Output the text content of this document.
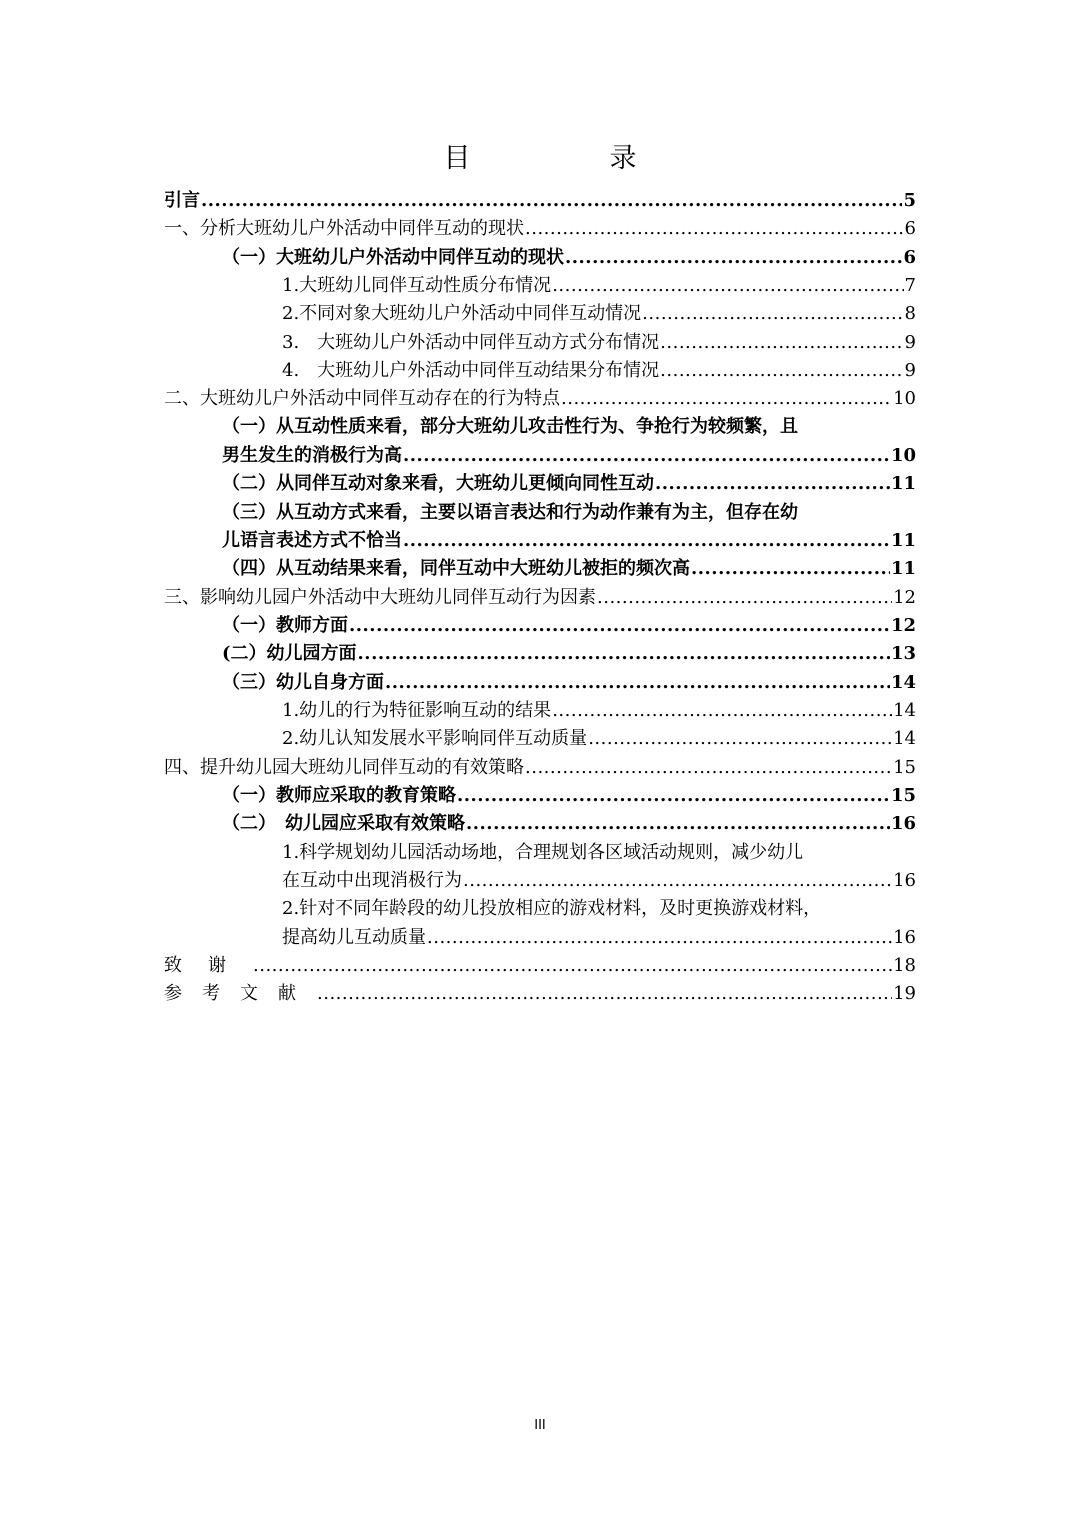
目　录
引言 .....	5
一、分析大班幼儿户外活动中同伴互动的现状 .....	6
（一）大班幼儿户外活动中同伴互动的现状 .....	6
1.大班幼儿同伴互动性质分布情况 .....	7
2.不同对象大班幼儿户外活动中同伴互动情况 .....	8
3.　大班幼儿户外活动中同伴互动方式分布情况 .....	9
4.　大班幼儿户外活动中同伴互动结果分布情况 .....	9
二、大班幼儿户外活动中同伴互动存在的行为特点 .....	10
（一）从互动性质来看，部分大班幼儿攻击性行为、争抢行为较频繁，且
男生发生的消极行为高 .....	10
（二）从同伴互动对象来看，大班幼儿更倾向同性互动 .....	11
（三）从互动方式来看，主要以语言表达和行为动作兼有为主，但存在幼
儿语言表述方式不恰当 .....	11
（四）从互动结果来看，同伴互动中大班幼儿被拒的频次高 .....	11
三、影响幼儿园户外活动中大班幼儿同伴互动行为因素 .....	12
（一）教师方面 .....	12
(二）幼儿园方面 .....	13
（三）幼儿自身方面 .....	14
1.幼儿的行为特征影响互动的结果 .....	14
2.幼儿认知发展水平影响同伴互动质量 .....	14
四、提升幼儿园大班幼儿同伴互动的有效策略 .....	15
（一）教师应采取的教育策略 .....	15
（二）　幼儿园应采取有效策略 .....	16
1.科学规划幼儿园活动场地，合理规划各区域活动规则，减少幼儿
在互动中出现消极行为 .....	16
2.针对不同年龄段的幼儿投放相应的游戏材料，及时更换游戏材料，
提高幼儿互动质量 .....	16
致谢 .....	18
参考文献 .....	19
III
